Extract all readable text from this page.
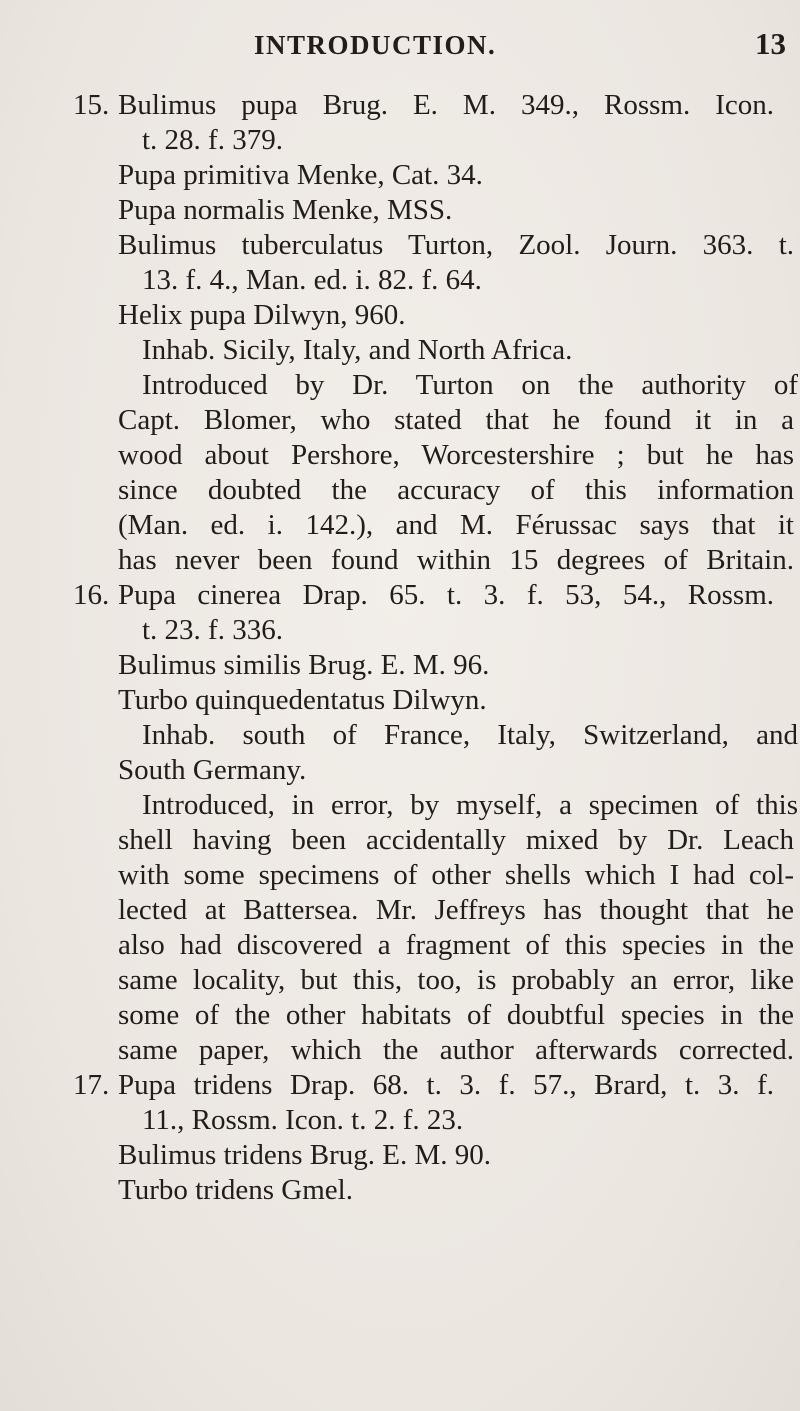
INTRODUCTION.	13
15. Bulimus pupa Brug. E. M. 349., Rossm. Icon.
t. 28. f. 379.
Pupa primitiva Menke, Cat. 34.
Pupa normalis Menke, MSS.
Bulimus tuberculatus Turton, Zool. Journ. 363. t.
13. f. 4., Man. ed. i. 82. f. 64.
Helix pupa Dilwyn, 960.
Inhab. Sicily, Italy, and North Africa.
Introduced by Dr. Turton on the authority of
Capt. Blomer, who stated that he found it in a
wood about Pershore, Worcestershire ; but he has
since doubted the accuracy of this information
(Man. ed. i. 142.), and M. Férussac says that it
has never been found within 15 degrees of Britain.
16. Pupa cinerea Drap. 65. t. 3. f. 53, 54., Rossm.
t. 23. f. 336.
Bulimus similis Brug. E. M. 96.
Turbo quinquedentatus Dilwyn.
Inhab. south of France, Italy, Switzerland, and
South Germany.
Introduced, in error, by myself, a specimen of this
shell having been accidentally mixed by Dr. Leach
with some specimens of other shells which I had col-
lected at Battersea. Mr. Jeffreys has thought that he
also had discovered a fragment of this species in the
same locality, but this, too, is probably an error, like
some of the other habitats of doubtful species in the
same paper, which the author afterwards corrected.
17. Pupa tridens Drap. 68. t. 3. f. 57., Brard, t. 3. f.
11., Rossm. Icon. t. 2. f. 23.
Bulimus tridens Brug. E. M. 90.
Turbo tridens Gmel.
